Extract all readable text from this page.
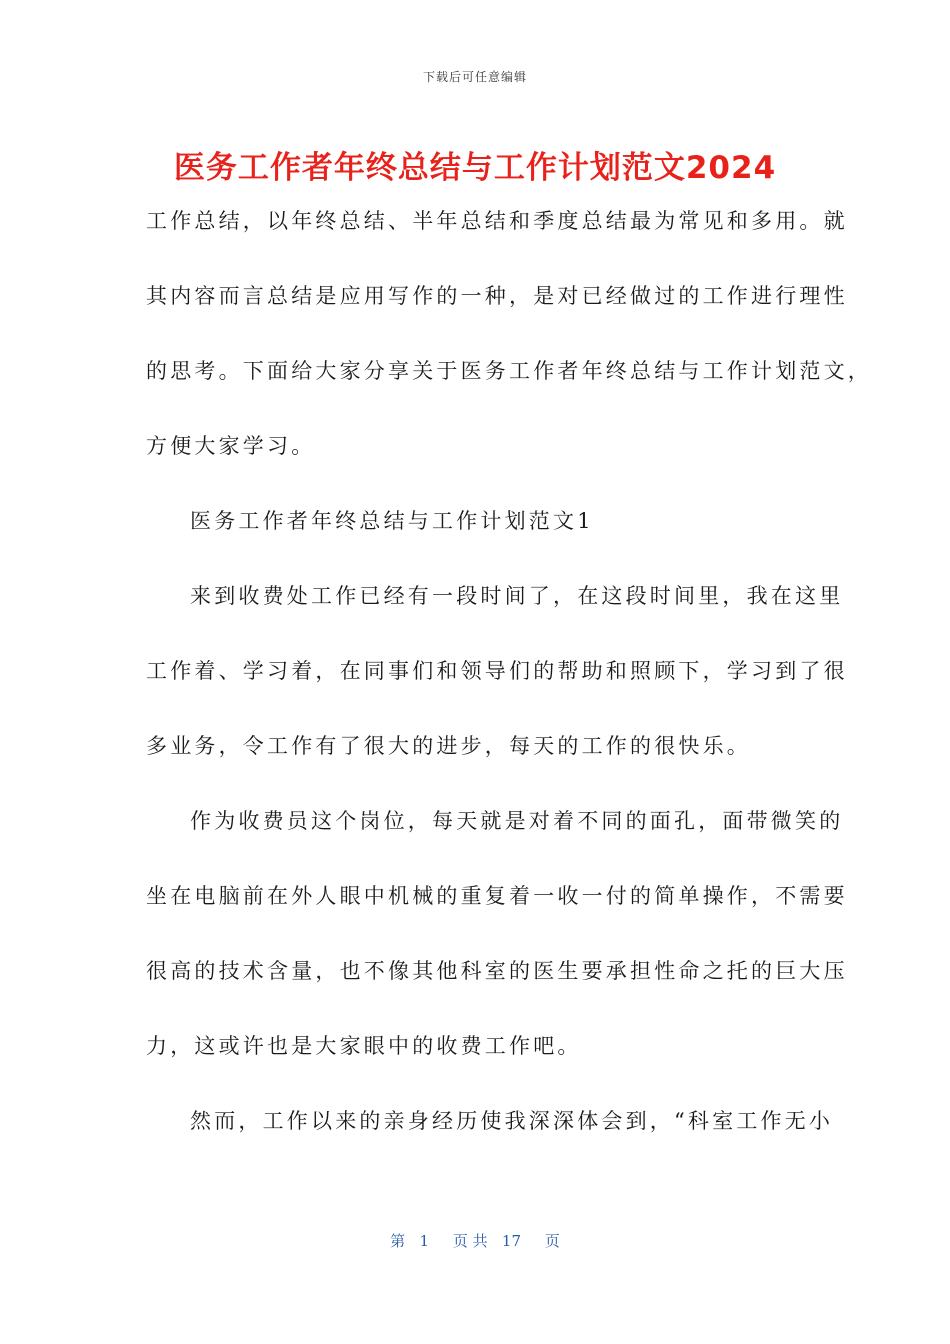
下载后可任意编辑
医务工作者年终总结与工作计划范文2024
工作总结，以年终总结、半年总结和季度总结最为常见和多用。就
其内容而言总结是应用写作的一种，是对已经做过的工作进行理性
的思考。下面给大家分享关于医务工作者年终总结与工作计划范文，
方便大家学习。
医务工作者年终总结与工作计划范文1
来到收费处工作已经有一段时间了，在这段时间里，我在这里
工作着、学习着，在同事们和领导们的帮助和照顾下，学习到了很
多业务，令工作有了很大的进步，每天的工作的很快乐。
作为收费员这个岗位，每天就是对着不同的面孔，面带微笑的
坐在电脑前在外人眼中机械的重复着一收一付的简单操作，不需要
很高的技术含量，也不像其他科室的医生要承担性命之托的巨大压
力，这或许也是大家眼中的收费工作吧。
然而，工作以来的亲身经历使我深深体会到，“科室工作无小
第   1     页 共   17     页
